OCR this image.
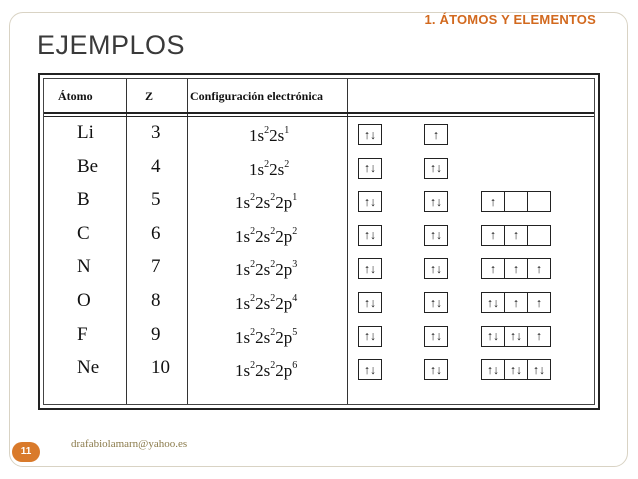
1. ÁTOMOS Y ELEMENTOS
EJEMPLOS
Átomo	Z	Configuración electrónica
Li	3	$1s^22s^1$	↑↓	↑
Be	4	$1s^22s^2$	↑↓	↑↓
B	5	$1s^22s^22p^1$	↑↓	↑↓	↑
C	6	$1s^22s^22p^2$	↑↓	↑↓	↑ ↑
N	7	$1s^22s^22p^3$	↑↓	↑↓	↑ ↑ ↑
O	8	$1s^22s^22p^4$	↑↓	↑↓	↑↓ ↑ ↑
F	9	$1s^22s^22p^5$	↑↓	↑↓	↑↓ ↑↓ ↑
Ne	10	$1s^22s^22p^6$	↑↓	↑↓	↑↓ ↑↓ ↑↓
11
drafabiolamarn@yahoo.es
